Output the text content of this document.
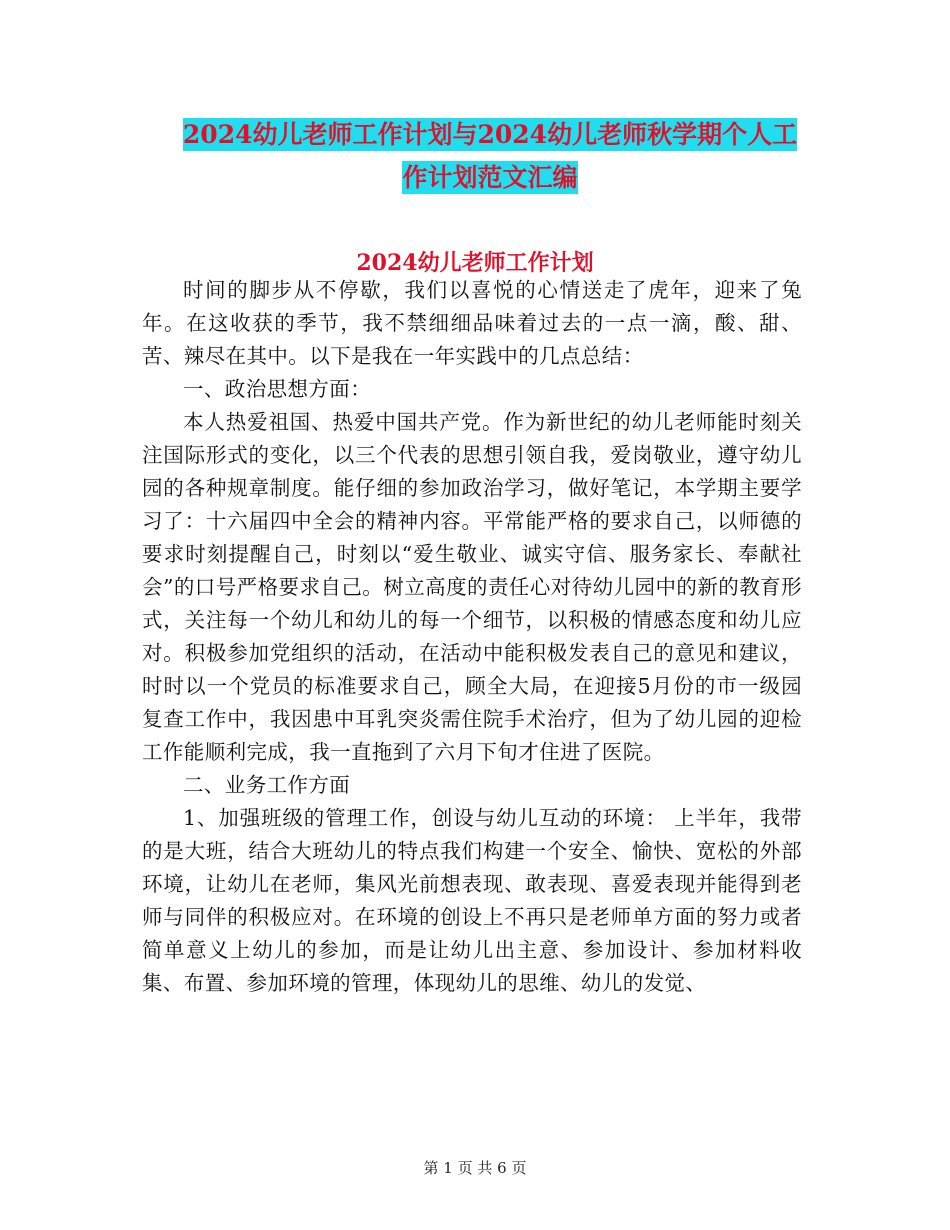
2024幼儿老师工作计划与2024幼儿老师秋学期个人工
作计划范文汇编
2024幼儿老师工作计划

时间的脚步从不停歇，我们以喜悦的心情送走了虎年，迎来了兔年。在这收获的季节，我不禁细细品味着过去的一点一滴，酸、甜、苦、辣尽在其中。以下是我在一年实践中的几点总结：

一、政治思想方面：

本人热爱祖国、热爱中国共产党。作为新世纪的幼儿老师能时刻关注国际形式的变化，以三个代表的思想引领自我，爱岗敬业，遵守幼儿园的各种规章制度。能仔细的参加政治学习，做好笔记，本学期主要学习了：十六届四中全会的精神内容。平常能严格的要求自己，以师德的要求时刻提醒自己，时刻以“爱生敬业、诚实守信、服务家长、奉献社会”的口号严格要求自己。树立高度的责任心对待幼儿园中的新的教育形式，关注每一个幼儿和幼儿的每一个细节，以积极的情感态度和幼儿应对。积极参加党组织的活动，在活动中能积极发表自己的意见和建议，时时以一个党员的标准要求自己，顾全大局，在迎接5月份的市一级园复查工作中，我因患中耳乳突炎需住院手术治疗，但为了幼儿园的迎检工作能顺利完成，我一直拖到了六月下旬才住进了医院。

二、业务工作方面

1、加强班级的管理工作，创设与幼儿互动的环境： 上半年，我带的是大班，结合大班幼儿的特点我们构建一个安全、愉快、宽松的外部环境，让幼儿在老师，集风光前想表现、敢表现、喜爱表现并能得到老师与同伴的积极应对。在环境的创设上不再只是老师单方面的努力或者简单意义上幼儿的参加，而是让幼儿出主意、参加设计、参加材料收集、布置、参加环境的管理，体现幼儿的思维、幼儿的发觉、

第 1 页 共 6 页
